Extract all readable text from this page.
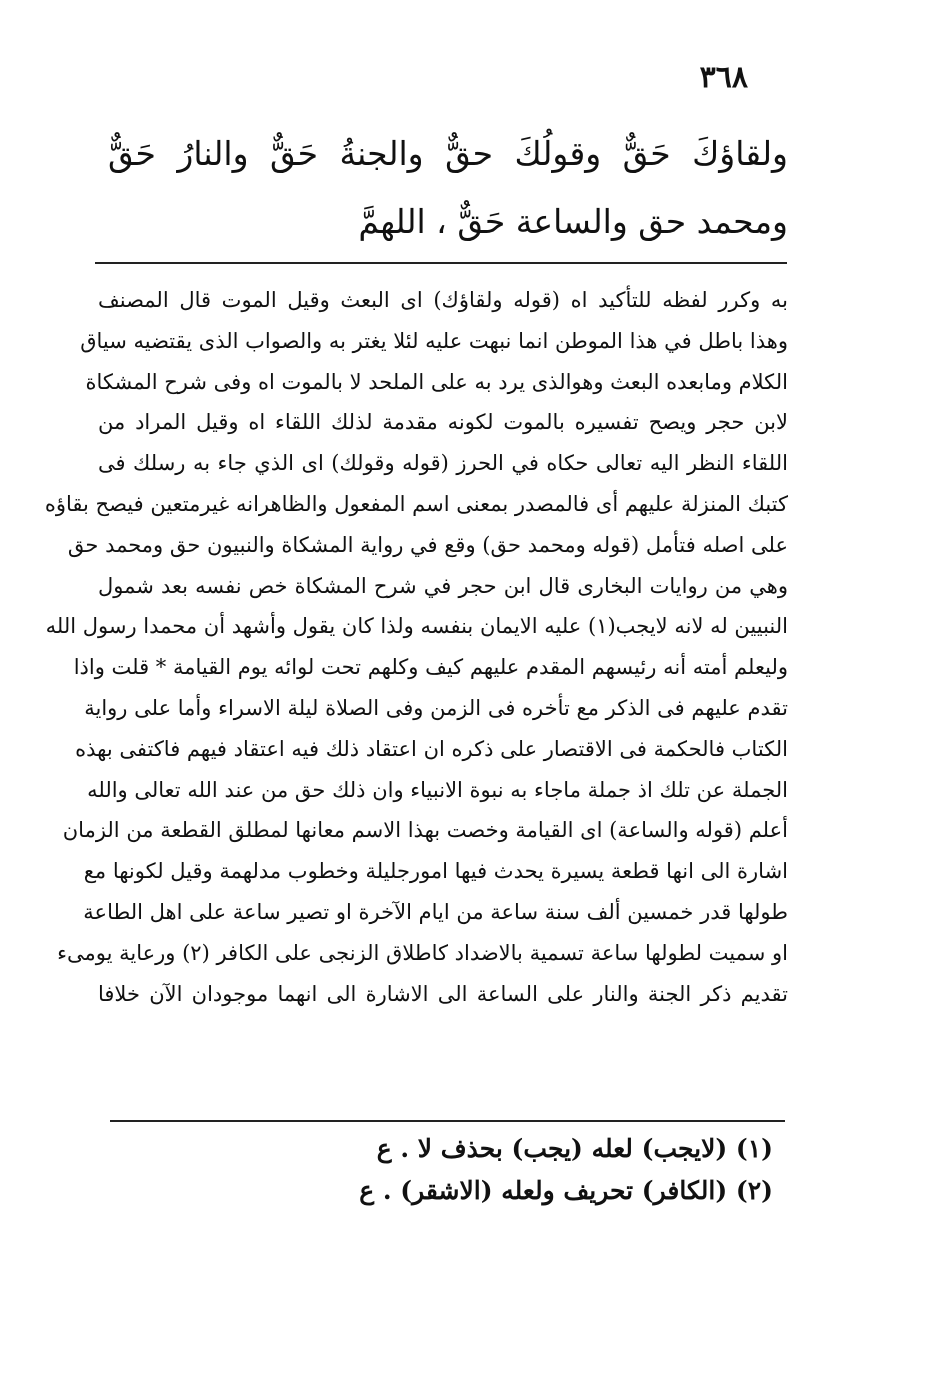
٣٦٨
ولقاؤكَ حَقٌّ وقولُكَ حقٌّ والجنةُ حَقٌّ والنارُ حَقٌّ ومحمد حق والساعة حَقٌّ ، اللهمَّ
به وكرر لفظه للتأكيد اه (قوله ولقاؤك) اى البعث وقيل الموت قال المصنف
وهذا باطل في هذا الموطن انما نبهت عليه لئلا يغتر به والصواب الذى يقتضيه سياق
الكلام ومابعده البعث وهوالذى يرد به على الملحد لا بالموت اه وفى شرح المشكاة
لابن حجر ويصح تفسيره بالموت لكونه مقدمة لذلك اللقاء اه وقيل المراد من
اللقاء النظر اليه تعالى حكاه في الحرز (قوله وقولك) اى الذي جاء به رسلك فى
كتبك المنزلة عليهم أى فالمصدر بمعنى اسم المفعول والظاهرانه غيرمتعين فيصح بقاؤه
على اصله فتأمل (قوله ومحمد حق) وقع في رواية المشكاة والنبيون حق ومحمد حق
وهي من روايات البخارى قال ابن حجر في شرح المشكاة خص نفسه بعد شمول
النبيين له لانه لايجب(١) عليه الايمان بنفسه ولذا كان يقول وأشهد أن محمدا رسول الله
وليعلم أمته أنه رئيسهم المقدم عليهم كيف وكلهم تحت لوائه يوم القيامة * قلت واذا
تقدم عليهم فى الذكر مع تأخره فى الزمن وفى الصلاة ليلة الاسراء وأما على رواية
الكتاب فالحكمة فى الاقتصار على ذكره ان اعتقاد ذلك فيه اعتقاد فيهم فاكتفى بهذه
الجملة عن تلك اذ جملة ماجاء به نبوة الانبياء وان ذلك حق من عند الله تعالى والله
أعلم (قوله والساعة) اى القيامة وخصت بهذا الاسم معانها لمطلق القطعة من الزمان
اشارة الى انها قطعة يسيرة يحدث فيها امورجليلة وخطوب مدلهمة وقيل لكونها مع
طولها قدر خمسين ألف سنة ساعة من ايام الآخرة او تصير ساعة على اهل الطاعة
او سميت لطولها ساعة تسمية بالاضداد كاطلاق الزنجى على الكافر (٢) ورعاية يومىء
تقديم ذكر الجنة والنار على الساعة الى الاشارة الى انهما موجودان الآن خلافا
(١) (لايجب) لعله (يجب) بحذف لا . ع
(٢) (الكافر) تحريف ولعله (الاشقر) . ع
